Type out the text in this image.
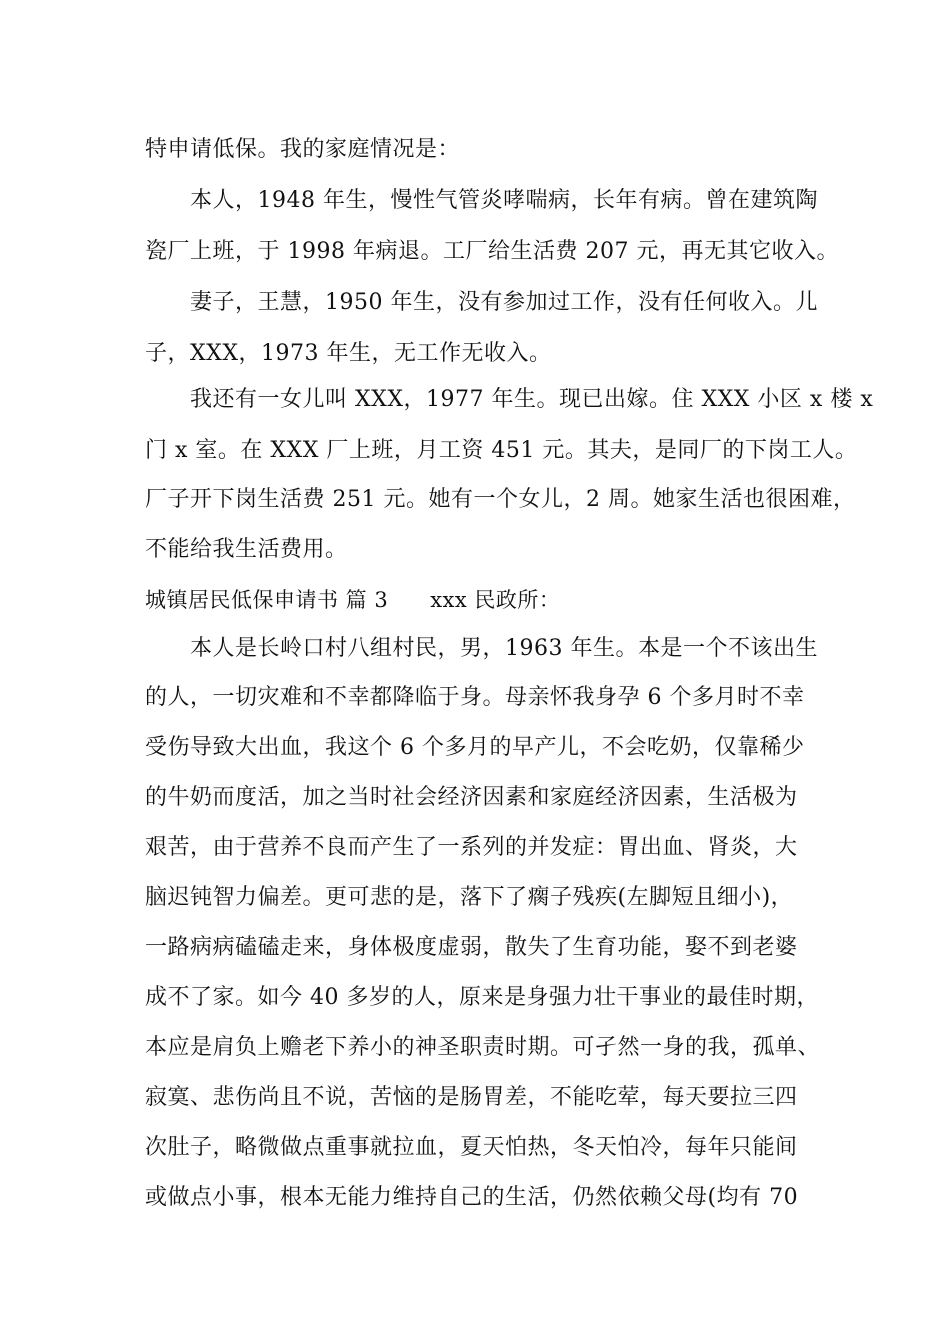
特申请低保。我的家庭情况是：
本人，1948 年生，慢性气管炎哮喘病，长年有病。曾在建筑陶
瓷厂上班，于 1998 年病退。工厂给生活费 207 元，再无其它收入。
妻子，王慧，1950 年生，没有参加过工作，没有任何收入。儿
子，XXX，1973 年生，无工作无收入。
我还有一女儿叫 XXX，1977 年生。现已出嫁。住 XXX 小区 x 楼 x
门 x 室。在 XXX 厂上班，月工资 451 元。其夫，是同厂的下岗工人。
厂子开下岗生活费 251 元。她有一个女儿，2 周。她家生活也很困难，
不能给我生活费用。
城镇居民低保申请书 篇 3 xxx 民政所：
本人是长岭口村八组村民，男，1963 年生。本是一个不该出生
的人，一切灾难和不幸都降临于身。母亲怀我身孕 6 个多月时不幸
受伤导致大出血，我这个 6 个多月的早产儿，不会吃奶，仅靠稀少
的牛奶而度活，加之当时社会经济因素和家庭经济因素，生活极为
艰苦，由于营养不良而产生了一系列的并发症：胃出血、肾炎，大
脑迟钝智力偏差。更可悲的是，落下了瘸子残疾(左脚短且细小)，
一路病病磕磕走来，身体极度虚弱，散失了生育功能，娶不到老婆
成不了家。如今 40 多岁的人，原来是身强力壮干事业的最佳时期，
本应是肩负上赡老下养小的神圣职责时期。可孑然一身的我，孤单、
寂寞、悲伤尚且不说，苦恼的是肠胃差，不能吃荤，每天要拉三四
次肚子，略微做点重事就拉血，夏天怕热，冬天怕冷，每年只能间
或做点小事，根本无能力维持自己的生活，仍然依赖父母(均有 70
